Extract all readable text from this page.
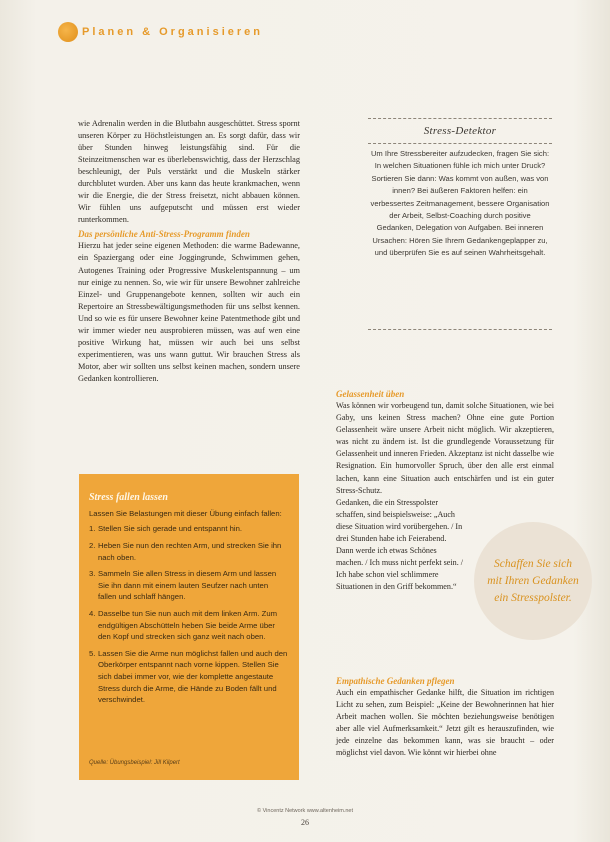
Planen & Organisieren

wie Adrenalin werden in die Blutbahn ausgeschüttet. Stress spornt unseren Körper zu Höchstleistungen an. Es sorgt dafür, dass wir über Stunden hinweg leistungsfähig sind. Für die Steinzeitmenschen war es überlebenswichtig, dass der Herzschlag beschleunigt, der Puls verstärkt und die Muskeln stärker durchblutet wurden. Aber uns kann das heute krankmachen, wenn wir die Energie, die der Stress freisetzt, nicht abbauen können. Wir fühlen uns aufgeputscht und müssen erst wieder runterkommen.

Das persönliche Anti-Stress-Programm finden

Hierzu hat jeder seine eigenen Methoden: die warme Badewanne, ein Spaziergang oder eine Joggingrunde, Schwimmen gehen, Autogenes Training oder Progressive Muskelentspannung – um nur einige zu nennen. So, wie wir für unsere Bewohner zahlreiche Einzel- und Gruppenangebote kennen, sollten wir auch ein Repertoire an Stressbewältigungsmethoden für uns selbst kennen. Und so wie es für unsere Bewohner keine Patentmethode gibt und wir immer wieder neu ausprobieren müssen, was auf wen eine positive Wirkung hat, müssen wir auch bei uns selbst experimentieren, was uns wann guttut. Wir brauchen Stress als Motor, aber wir sollten uns selbst keinen machen, sondern unsere Gedanken kontrollieren.

Stress-Detektor
Um Ihre Stressbereiter aufzudecken, fragen Sie sich: In welchen Situationen fühle ich mich unter Druck? Sortieren Sie dann: Was kommt von außen, was von innen? Bei äußeren Faktoren helfen: ein verbessertes Zeitmanagement, bessere Organisation der Arbeit, Selbst-Coaching durch positive Gedanken, Delegation von Aufgaben. Bei inneren Ursachen: Hören Sie Ihrem Gedankengeplapper zu, und überprüfen Sie es auf seinen Wahrheitsgehalt.
Gelassenheit üben

Was können wir vorbeugend tun, damit solche Situationen, wie bei Gaby, uns keinen Stress machen? Ohne eine gute Portion Gelassenheit wäre unsere Arbeit nicht möglich. Wir akzeptieren, was nicht zu ändern ist. Ist die grundlegende Voraussetzung für Gelassenheit und inneren Frieden. Akzeptanz ist nicht dasselbe wie Resignation. Ein humorvoller Spruch, über den alle erst einmal lachen, kann eine Situation auch entschärfen und ist ein guter Stress-Schutz.

Gedanken, die ein Stresspolster schaffen, sind beispielsweise: „Auch diese Situation wird vorübergehen. / In drei Stunden habe ich Feierabend. Dann werde ich etwas Schönes machen. / Ich muss nicht perfekt sein. / Ich habe schon viel schlimmere Situationen in den Griff bekommen.“

Empathische Gedanken pflegen

Auch ein empathischer Gedanke hilft, die Situation im richtigen Licht zu sehen, zum Beispiel: „Keine der Bewohnerinnen hat hier Arbeit machen wollen. Sie möchten beziehungsweise benötigen aber alle viel Aufmerksamkeit.“ Jetzt gilt es herauszufinden, wie jede einzelne das bekommen kann, was sie braucht – oder möglichst viel davon. Wie könnt wir hierbei ohne

Schaffen Sie sich mit Ihren Gedanken ein Stresspolster.
Stress fallen lassen
Lassen Sie Belastungen mit dieser Übung einfach fallen:
1. Stellen Sie sich gerade und entspannt hin.
2. Heben Sie nun den rechten Arm, und strecken Sie ihn nach oben.
3. Sammeln Sie allen Stress in diesem Arm und lassen Sie ihn dann mit einem lauten Seufzer nach unten fallen und schlaff hängen.
4. Dasselbe tun Sie nun auch mit dem linken Arm. Zum endgültigen Abschütteln heben Sie beide Arme über den Kopf und strecken sich ganz weit nach oben.
5. Lassen Sie die Arme nun möglichst fallen und auch den Oberkörper entspannt nach vorne kippen. Stellen Sie sich dabei immer vor, wie der komplette angestaute Stress durch die Arme, die Hände zu Boden fällt und verschwindet.
Quelle: Übungsbeispiel: Jill Kilpert
© Vincentz Network www.altenheim.net
26
